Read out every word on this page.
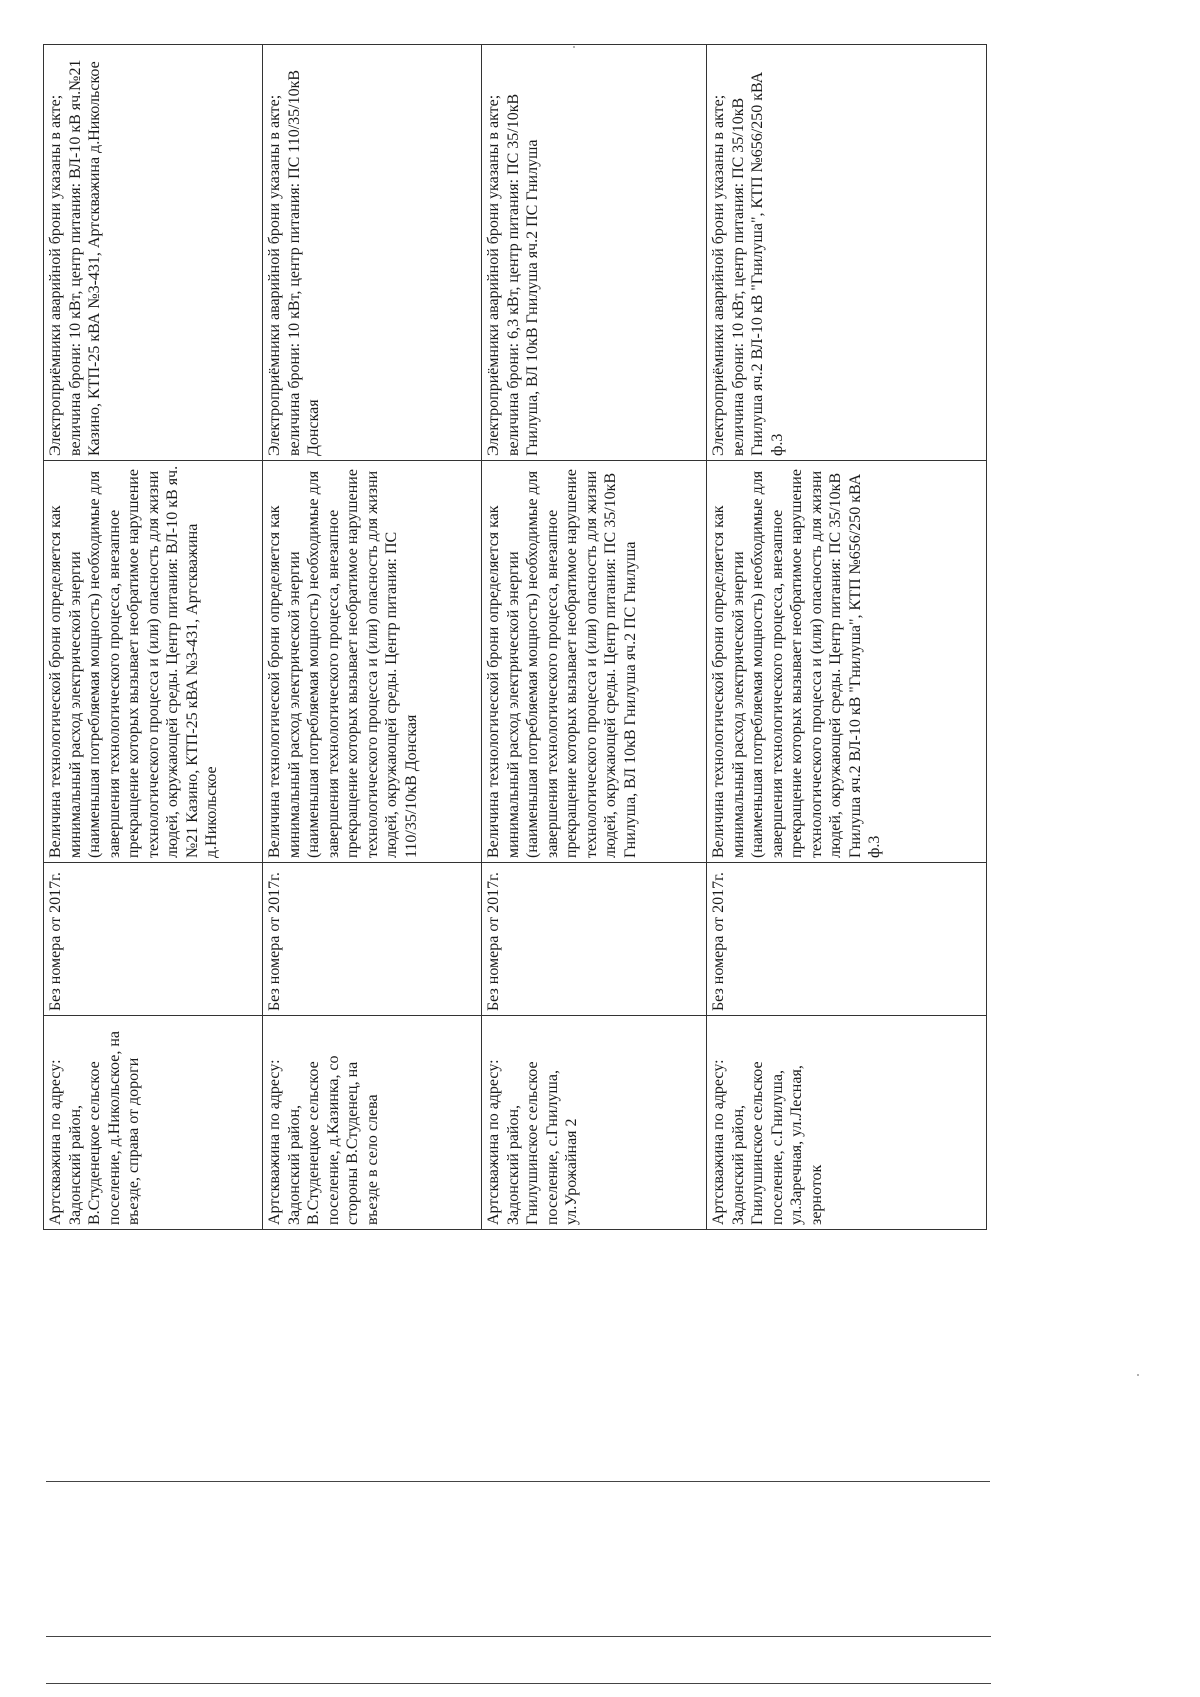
Артскважина по адресу: Задонский район, В.Студенецкое сельское поселение, д.Никольское, на въезде, справа от дороги	Без номера от 2017г.	Величина технологической брони определяется как минимальный расход электрической энергии (наименьшая потребляемая мощность) необходимые для завершения технологического процесса, внезапное прекращение которых вызывает необратимое нарушение технологического процесса и (или) опасность для жизни людей, окружающей среды. Центр питания: ВЛ-10 кВ яч.№21 Казино, КТП-25 кВА №3-431, Артскважина д.Никольское	Электроприёмники аварийной брони указаны в акте; величина брони: 10 кВт, центр питания: ВЛ-10 кВ яч.№21 Казино, КТП-25 кВА №3-431, Артскважина д.Никольское
Артскважина по адресу: Задонский район, В.Студенецкое сельское поселение, д.Казинка, со стороны В.Студенец, на въезде в село слева	Без номера от 2017г.	Величина технологической брони определяется как минимальный расход электрической энергии (наименьшая потребляемая мощность) необходимые для завершения технологического процесса, внезапное прекращение которых вызывает необратимое нарушение технологического процесса и (или) опасность для жизни людей, окружающей среды. Центр питания: ПС 110/35/10кВ Донская	Электроприёмники аварийной брони указаны в акте; величина брони: 10 кВт, центр питания: ПС 110/35/10кВ Донская
Артскважина по адресу: Задонский район, Гнилушинское сельское поселение, с.Гнилуша, ул.Урожайная 2	Без номера от 2017г.	Величина технологической брони определяется как минимальный расход электрической энергии (наименьшая потребляемая мощность) необходимые для завершения технологического процесса, внезапное прекращение которых вызывает необратимое нарушение технологического процесса и (или) опасность для жизни людей, окружающей среды. Центр питания: ПС 35/10кВ Гнилуша, ВЛ 10кВ Гнилуша яч.2 ПС Гнилуша	Электроприёмники аварийной брони указаны в акте; величина брони: 6,3 кВт, центр питания: ПС 35/10кВ Гнилуша, ВЛ 10кВ Гнилуша яч.2 ПС Гнилуша
Артскважина по адресу: Задонский район, Гнилушинское сельское поселение, с.Гнилуша, ул.Заречная, ул.Лесная, зерноток	Без номера от 2017г.	Величина технологической брони определяется как минимальный расход электрической энергии (наименьшая потребляемая мощность) необходимые для завершения технологического процесса, внезапное прекращение которых вызывает необратимое нарушение технологического процесса и (или) опасность для жизни людей, окружающей среды. Центр питания: ПС 35/10кВ Гнилуша яч.2 ВЛ-10 кВ "Гнилуша", КТП №656/250 кВА ф.3	Электроприёмники аварийной брони указаны в акте; величина брони: 10 кВт, центр питания: ПС 35/10кВ Гнилуша яч.2 ВЛ-10 кВ "Гнилуша", КТП №656/250 кВА ф.3
